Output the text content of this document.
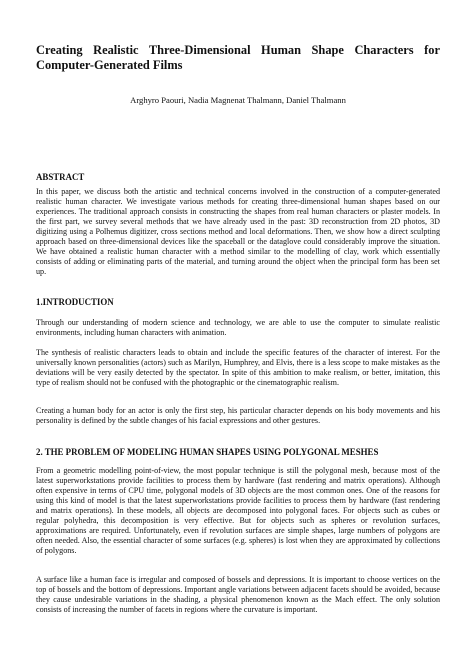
Creating Realistic Three-Dimensional Human Shape Characters for Computer-Generated Films
Arghyro Paouri, Nadia Magnenat Thalmann, Daniel Thalmann
ABSTRACT

In this paper, we discuss both the artistic and technical concerns involved in the construction of a computer-generated realistic human character. We investigate various methods for creating three-dimensional human shapes based on our experiences. The traditional approach consists in constructing the shapes from real human characters or plaster models. In the first part, we survey several methods that we have already used in the past: 3D reconstruction from 2D photos, 3D digitizing using a Polhemus digitizer, cross sections method and local deformations. Then, we show how a direct sculpting approach based on three-dimensional devices like the spaceball or the dataglove could considerably improve the situation. We have obtained a realistic human character with a method similar to the modelling of clay, work which essentially consists of adding or eliminating parts of the material, and turning around the object when the principal form has been set up.

1.INTRODUCTION

Through our understanding of modern science and technology, we are able to use the computer to simulate realistic environments, including human characters with animation.

The synthesis of realistic characters leads to obtain and include the specific features of the character of interest. For the universally known personalities (actors) such as Marilyn, Humphrey, and Elvis, there is a less scope to make mistakes as the deviations will be very easily detected by the spectator. In spite of this ambition to make realism, or better, imitation, this type of realism should not be confused with the photographic or the cinematographic realism.

Creating a human body for an actor is only the first step, his particular character depends on his body movements and his personality is defined by the subtle changes of his facial expressions and other gestures.

2. THE PROBLEM OF MODELING HUMAN SHAPES USING POLYGONAL MESHES

From a geometric modelling point-of-view, the most popular technique is still the polygonal mesh, because most of the latest superworkstations provide facilities to process them by hardware (fast rendering and matrix operations). Although often expensive in terms of CPU time, polygonal models of 3D objects are the most common ones. One of the reasons for using this kind of model is that the latest superworkstations provide facilities to process them by hardware (fast rendering and matrix operations). In these models, all objects are decomposed into polygonal faces. For objects such as cubes or regular polyhedra, this decomposition is very effective. But for objects such as spheres or revolution surfaces, approximations are required. Unfortunately, even if revolution surfaces are simple shapes, large numbers of polygons are often needed. Also, the essential character of some surfaces (e.g. spheres) is lost when they are approximated by collections of polygons.

A surface like a human face is irregular and composed of bossels and depressions. It is important to choose vertices on the top of bossels and the bottom of depressions. Important angle variations between adjacent facets should be avoided, because they cause undesirable variations in the shading, a physical phenomenon known as the Mach effect. The only solution consists of increasing the number of facets in regions where the curvature is important.
